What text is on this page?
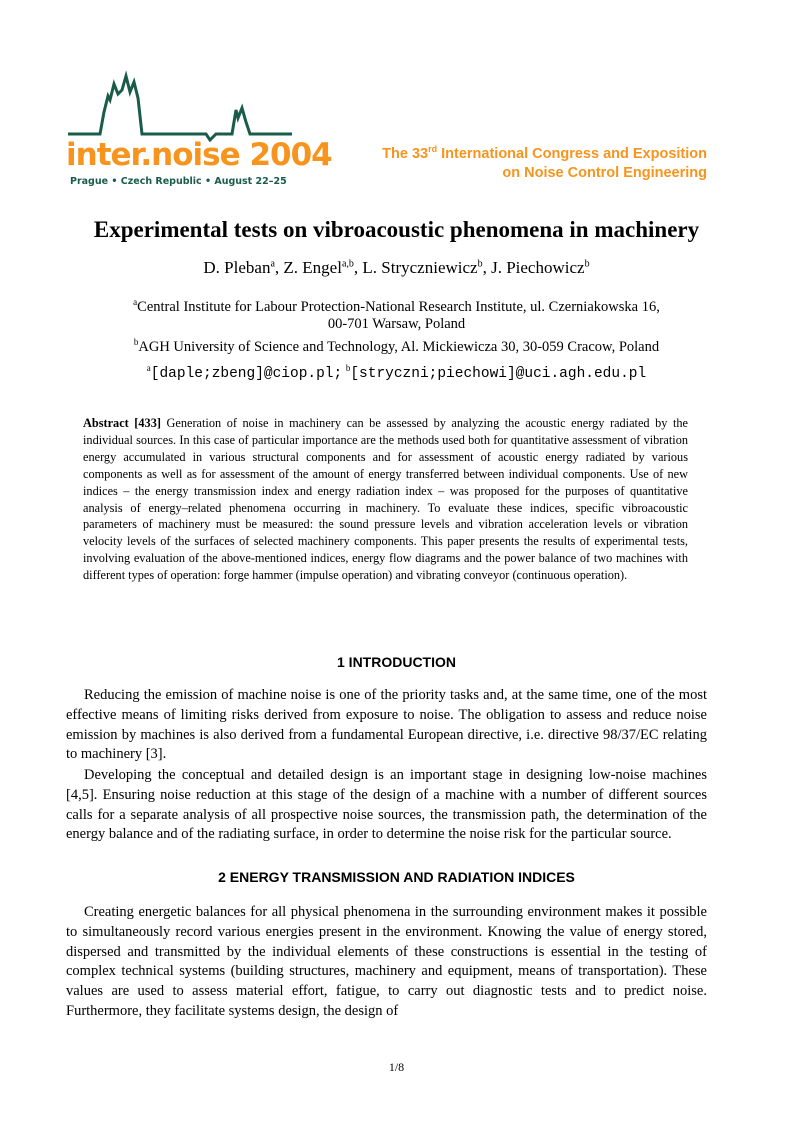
inter.noise 2004
Prague • Czech Republic • August 22–25
The 33rd International Congress and Exposition
on Noise Control Engineering
Experimental tests on vibroacoustic phenomena in machinery
D. Pleban$^a$, Z. Engel$^{a,b}$, L. Stryczniewicz$^b$, J. Piechowicz$^b$
$^a$Central Institute for Labour Protection-National Research Institute, ul. Czerniakowska 16,
00-701 Warsaw, Poland
$^b$AGH University of Science and Technology, Al. Mickiewicza 30, 30-059 Cracow, Poland
$^a$[daple;zbeng]@ciop.pl; $^b$[stryczni;piechowi]@uci.agh.edu.pl
Abstract [433] Generation of noise in machinery can be assessed by analyzing the acoustic energy radiated by the individual sources. In this case of particular importance are the methods used both for quantitative assessment of vibration energy accumulated in various structural components and for assessment of acoustic energy radiated by various components as well as for assessment of the amount of energy transferred between individual components. Use of new indices – the energy transmission index and energy radiation index – was proposed for the purposes of quantitative analysis of energy–related phenomena occurring in machinery. To evaluate these indices, specific vibroacoustic parameters of machinery must be measured: the sound pressure levels and vibration acceleration levels or vibration velocity levels of the surfaces of selected machinery components. This paper presents the results of experimental tests, involving evaluation of the above-mentioned indices, energy flow diagrams and the power balance of two machines with different types of operation: forge hammer (impulse operation) and vibrating conveyor (continuous operation).
1 INTRODUCTION

Reducing the emission of machine noise is one of the priority tasks and, at the same time, one of the most effective means of limiting risks derived from exposure to noise. The obligation to assess and reduce noise emission by machines is also derived from a fundamental European directive, i.e. directive 98/37/EC relating to machinery [3].

Developing the conceptual and detailed design is an important stage in designing low-noise machines [4,5]. Ensuring noise reduction at this stage of the design of a machine with a number of different sources calls for a separate analysis of all prospective noise sources, the transmission path, the determination of the energy balance and of the radiating surface, in order to determine the noise risk for the particular source.

2 ENERGY TRANSMISSION AND RADIATION INDICES

Creating energetic balances for all physical phenomena in the surrounding environment makes it possible to simultaneously record various energies present in the environment. Knowing the value of energy stored, dispersed and transmitted by the individual elements of these constructions is essential in the testing of complex technical systems (building structures, machinery and equipment, means of transportation). These values are used to assess material effort, fatigue, to carry out diagnostic tests and to predict noise. Furthermore, they facilitate systems design, the design of

1/8
